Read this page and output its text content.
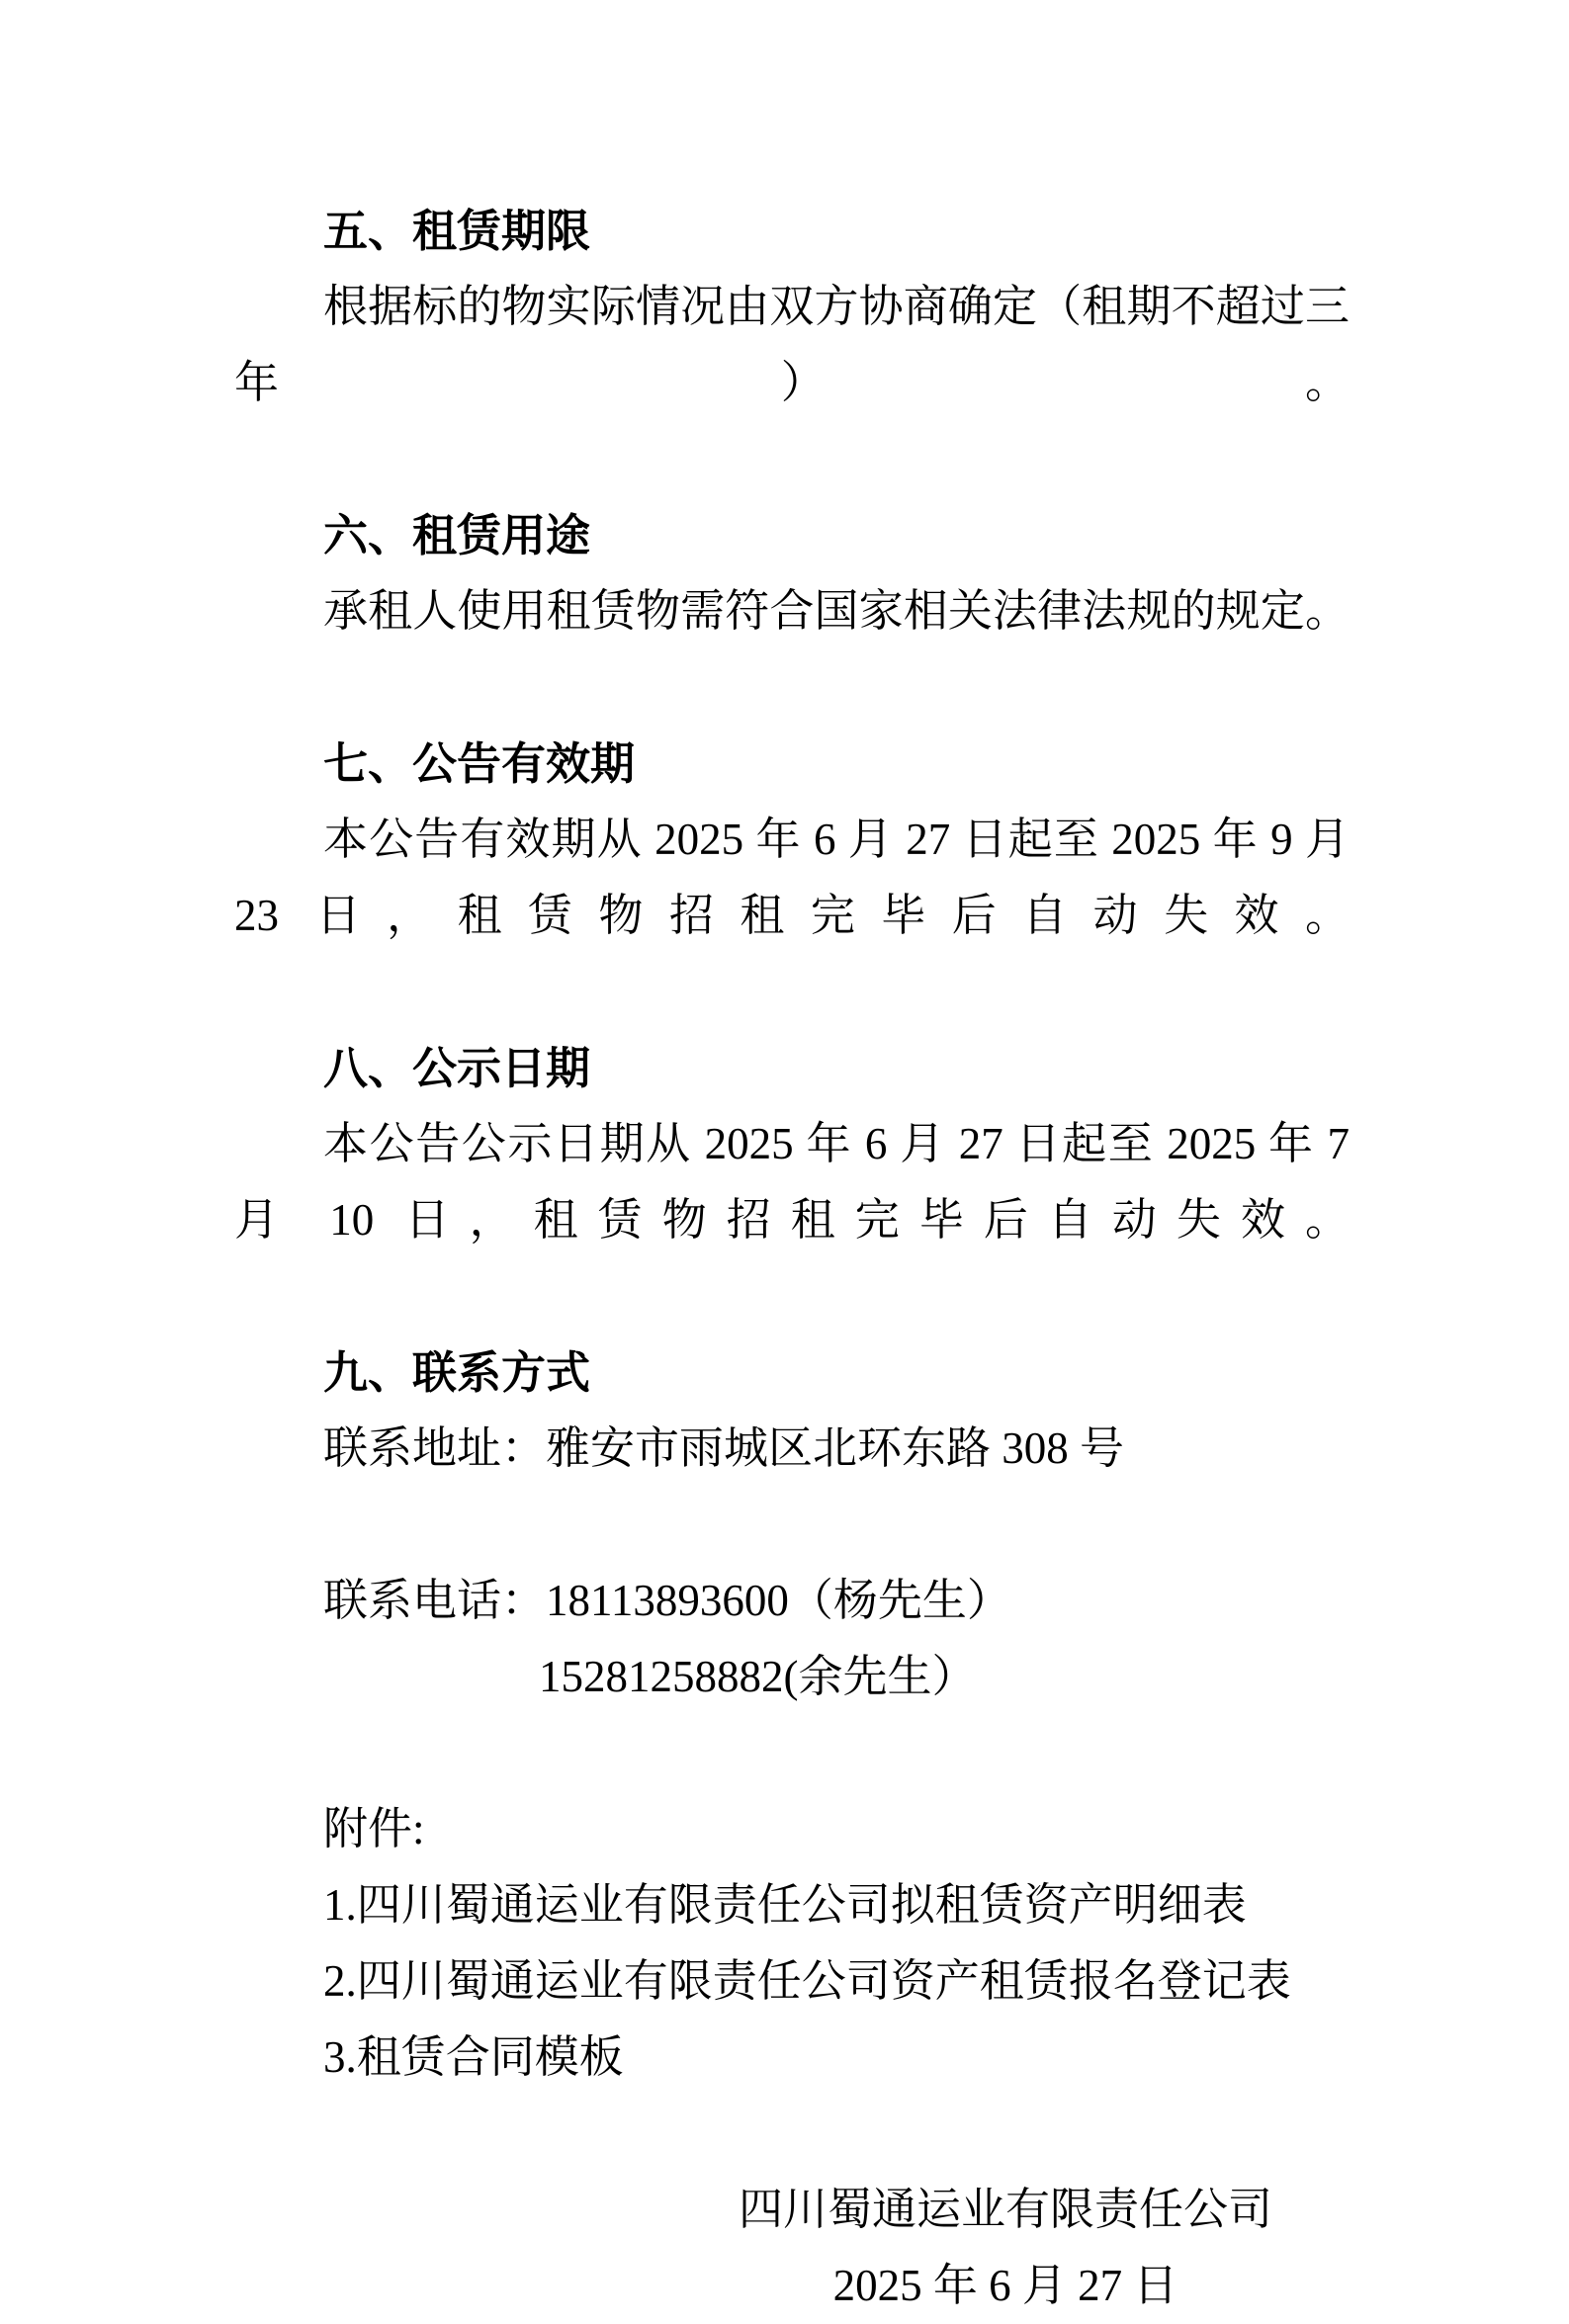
五、租赁期限

根据标的物实际情况由双方协商确定（租期不超过三年）。

六、租赁用途

承租人使用租赁物需符合国家相关法律法规的规定。

七、公告有效期

本公告有效期从 2025 年 6 月 27 日起至 2025 年 9 月 23 日，租赁物招租完毕后自动失效。

八、公示日期

本公告公示日期从 2025 年 6 月 27 日起至 2025 年 7 月 10 日，租赁物招租完毕后自动失效。

九、联系方式
联系地址：雅安市雨城区北环东路 308 号
联系电话：18113893600（杨先生）
15281258882(余先生）
附件:
1.四川蜀通运业有限责任公司拟租赁资产明细表
2.四川蜀通运业有限责任公司资产租赁报名登记表
3.租赁合同模板
四川蜀通运业有限责任公司
2025 年 6 月 27 日
